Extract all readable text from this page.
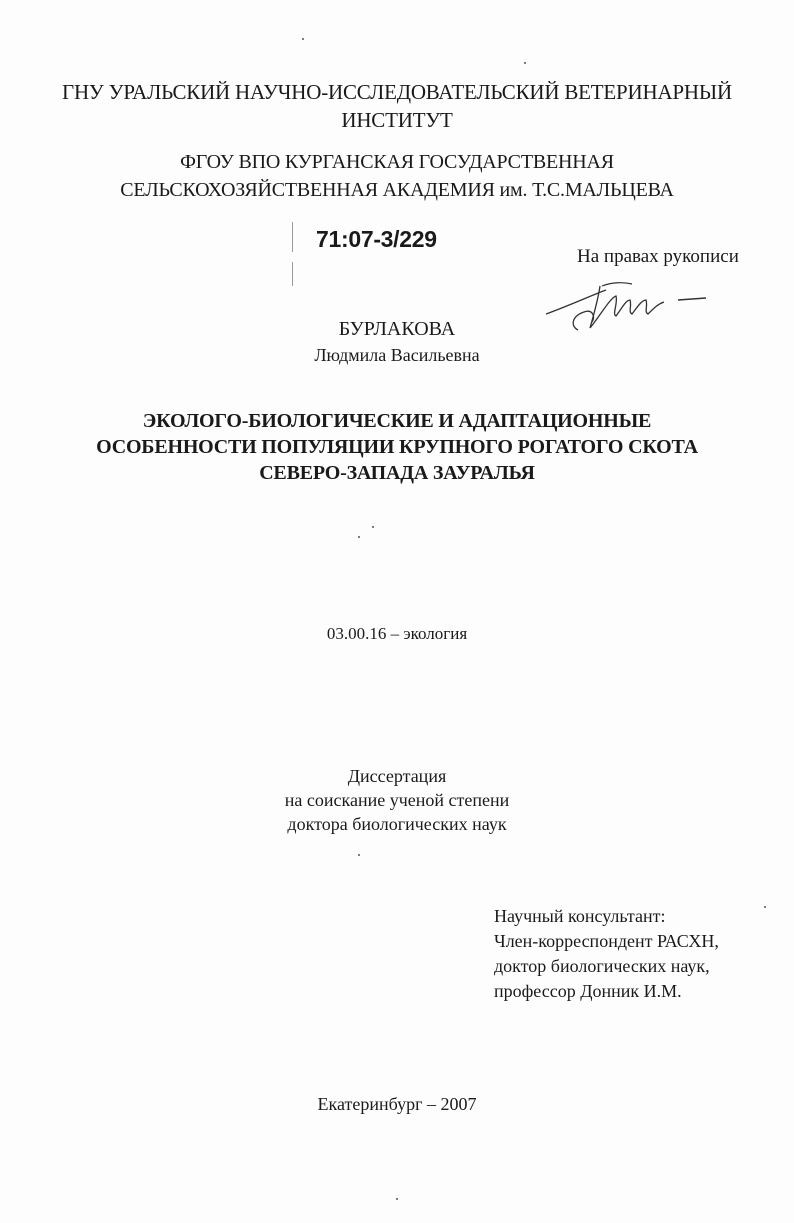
ГНУ УРАЛЬСКИЙ НАУЧНО-ИССЛЕДОВАТЕЛЬСКИЙ ВЕТЕРИНАРНЫЙ
ИНСТИТУТ
ФГОУ ВПО КУРГАНСКАЯ ГОСУДАРСТВЕННАЯ
СЕЛЬСКОХОЗЯЙСТВЕННАЯ АКАДЕМИЯ им. Т.С.МАЛЬЦЕВА
71:07-3/229
На правах рукописи
БУРЛАКОВА
Людмила Васильевна
ЭКОЛОГО-БИОЛОГИЧЕСКИЕ И АДАПТАЦИОННЫЕ
ОСОБЕННОСТИ ПОПУЛЯЦИИ КРУПНОГО РОГАТОГО СКОТА
СЕВЕРО-ЗАПАДА ЗАУРАЛЬЯ
03.00.16 – экология
Диссертация
на соискание ученой степени
доктора биологических наук
Научный консультант:
Член-корреспондент РАСХН,
доктор биологических наук,
профессор Донник И.М.
Екатеринбург – 2007
